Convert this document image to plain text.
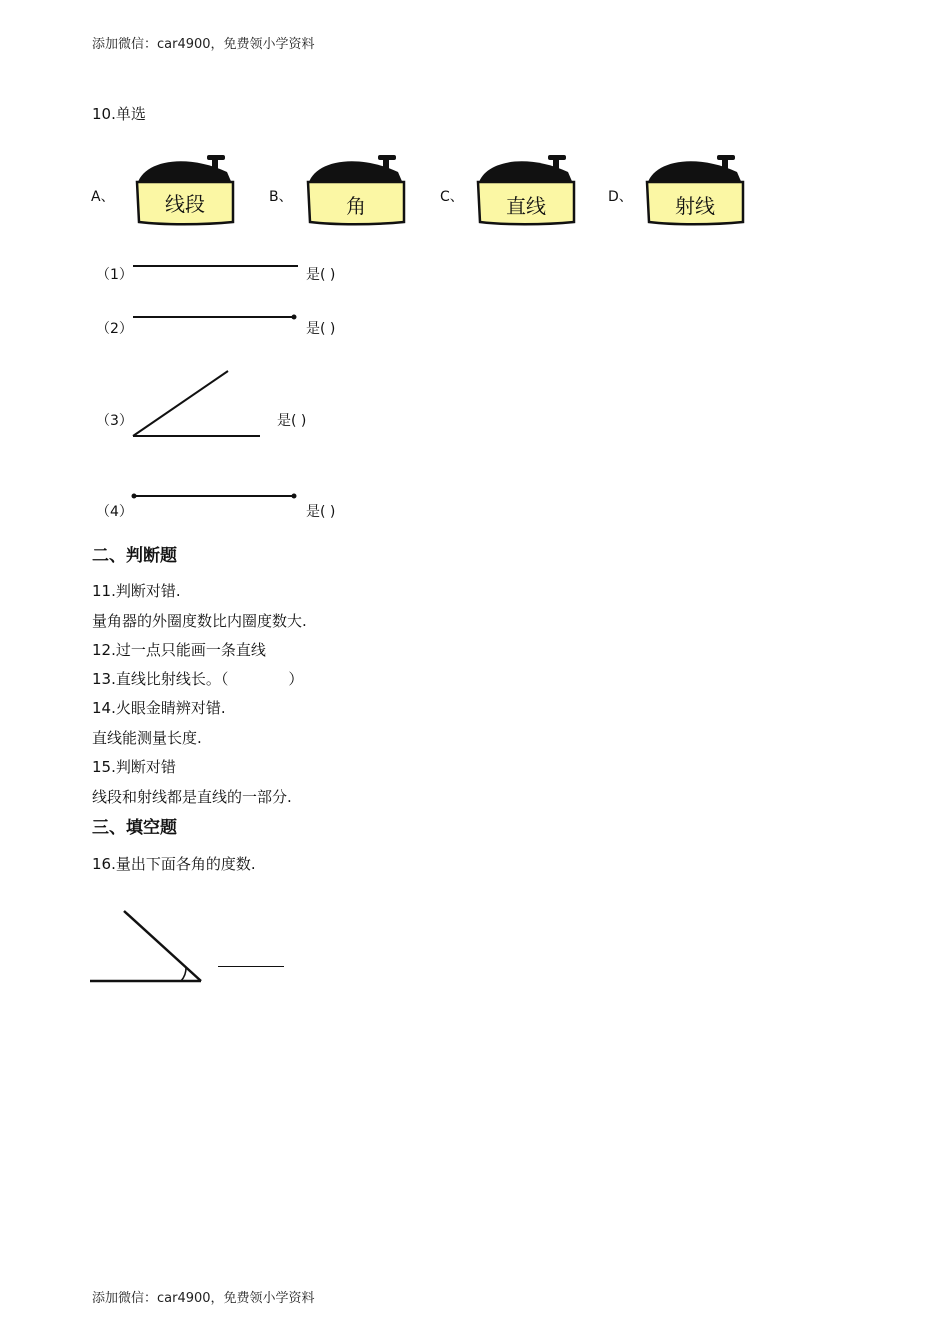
添加微信：car4900，免费领小学资料
10.单选
A、	线段	B、	角	C、	直线	D、	射线
（1）	是( )
（2）	是( )
（3）	是( )
（4）	是( )
二、判断题
11.判断对错.
量角器的外圈度数比内圈度数大.
12.过一点只能画一条直线
13.直线比射线长。（　　　　）
14.火眼金睛辨对错.
直线能测量长度.
15.判断对错
线段和射线都是直线的一部分.
三、填空题
16.量出下面各角的度数.
添加微信：car4900，免费领小学资料
